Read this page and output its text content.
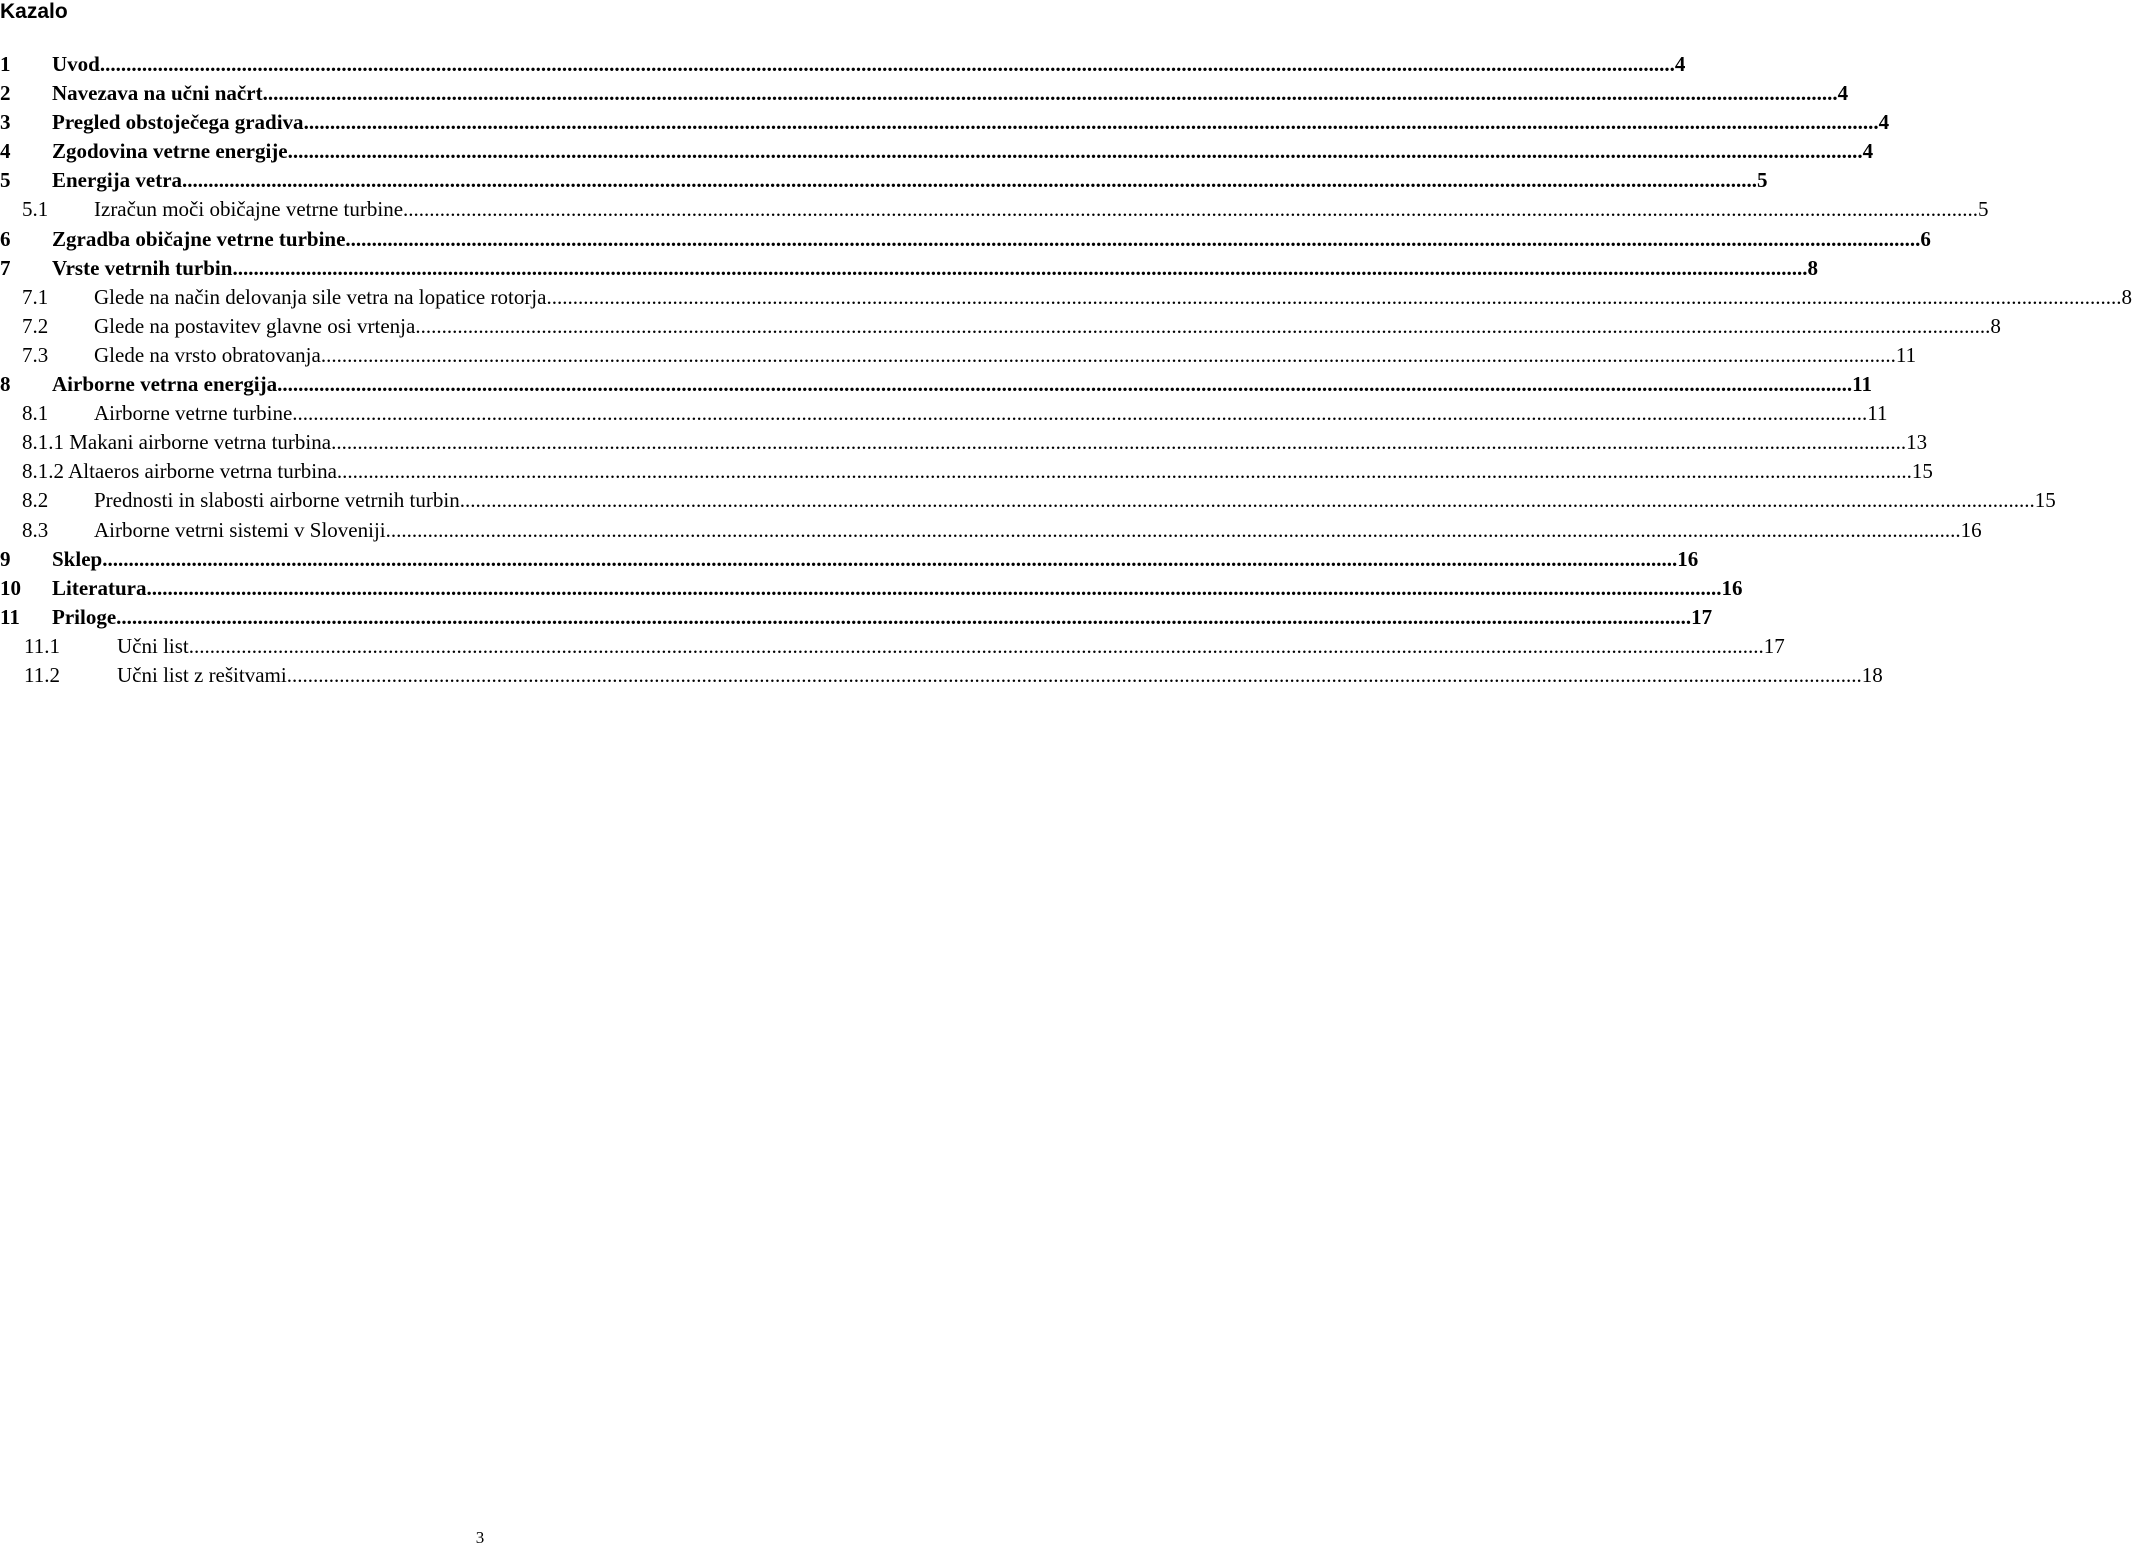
Kazalo
1 Uvod .....	4
2 Navezava na učni načrt .....	4
3 Pregled obstoječega gradiva .....	4
4 Zgodovina vetrne energije .....	4
5 Energija vetra .....	5
5.1 Izračun moči običajne vetrne turbine .....	5
6 Zgradba običajne vetrne turbine .....	6
7 Vrste vetrnih turbin .....	8
7.1 Glede na način delovanja sile vetra na lopatice rotorja .....	8
7.2 Glede na postavitev glavne osi vrtenja .....	8
7.3 Glede na vrsto obratovanja .....	11
8 Airborne vetrna energija .....	11
8.1 Airborne vetrne turbine .....	11
8.1.1 Makani airborne vetrna turbina .....	13
8.1.2 Altaeros airborne vetrna turbina .....	15
8.2 Prednosti in slabosti airborne vetrnih turbin .....	15
8.3 Airborne vetrni sistemi v Sloveniji .....	16
9 Sklep .....	16
10 Literatura .....	16
11 Priloge .....	17
11.1	Učni list .....	17
11.2	Učni list z rešitvami .....	18
3
